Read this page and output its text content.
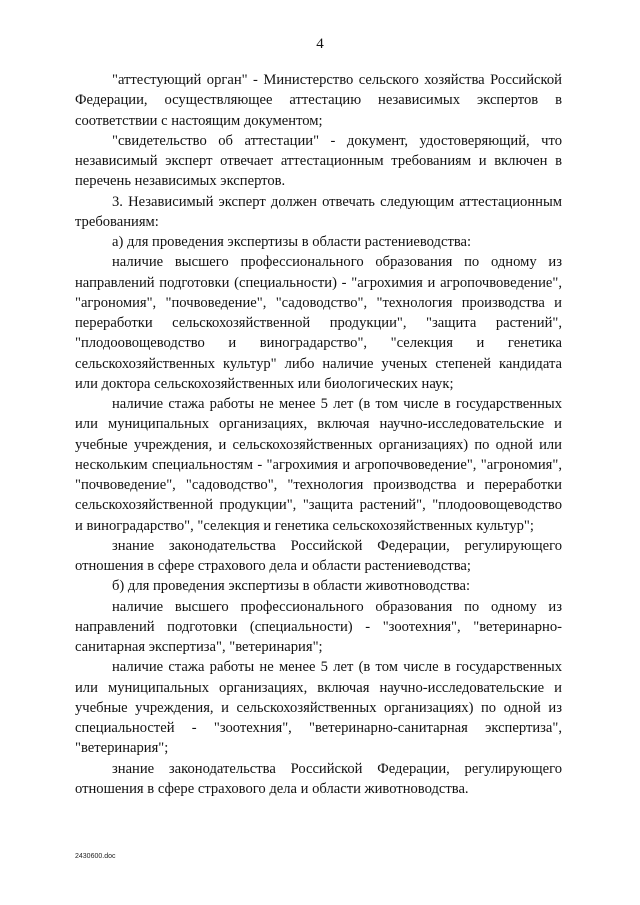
4

"аттестующий орган" - Министерство сельского хозяйства Российской Федерации, осуществляющее аттестацию независимых экспертов в соответствии с настоящим документом;

"свидетельство об аттестации" - документ, удостоверяющий, что независимый эксперт отвечает аттестационным требованиям и включен в перечень независимых экспертов.

3. Независимый эксперт должен отвечать следующим аттестационным требованиям:

а) для проведения экспертизы в области растениеводства:

наличие высшего профессионального образования по одному из направлений подготовки (специальности) - "агрохимия и агропочвоведение", "агрономия", "почвоведение", "садоводство", "технология производства и переработки сельскохозяйственной продукции", "защита растений", "плодоовощеводство и виноградарство", "селекция и генетика сельскохозяйственных культур" либо наличие ученых степеней кандидата или доктора сельскохозяйственных или биологических наук;

наличие стажа работы не менее 5 лет (в том числе в государственных или муниципальных организациях, включая научно-исследовательские и учебные учреждения, и сельскохозяйственных организациях) по одной или нескольким специальностям - "агрохимия и агропочвоведение", "агрономия", "почвоведение", "садоводство", "технология производства и переработки сельскохозяйственной продукции", "защита растений", "плодоовощеводство и виноградарство", "селекция и генетика сельскохозяйственных культур";

знание законодательства Российской Федерации, регулирующего отношения в сфере страхового дела и области растениеводства;

б) для проведения экспертизы в области животноводства:

наличие высшего профессионального образования по одному из направлений подготовки (специальности) - "зоотехния", "ветеринарно-санитарная экспертиза", "ветеринария";

наличие стажа работы не менее 5 лет (в том числе в государственных или муниципальных организациях, включая научно-исследовательские и учебные учреждения, и сельскохозяйственных организациях) по одной из специальностей - "зоотехния", "ветеринарно-санитарная экспертиза", "ветеринария";

знание законодательства Российской Федерации, регулирующего отношения в сфере страхового дела и области животноводства.

2430600.doc
